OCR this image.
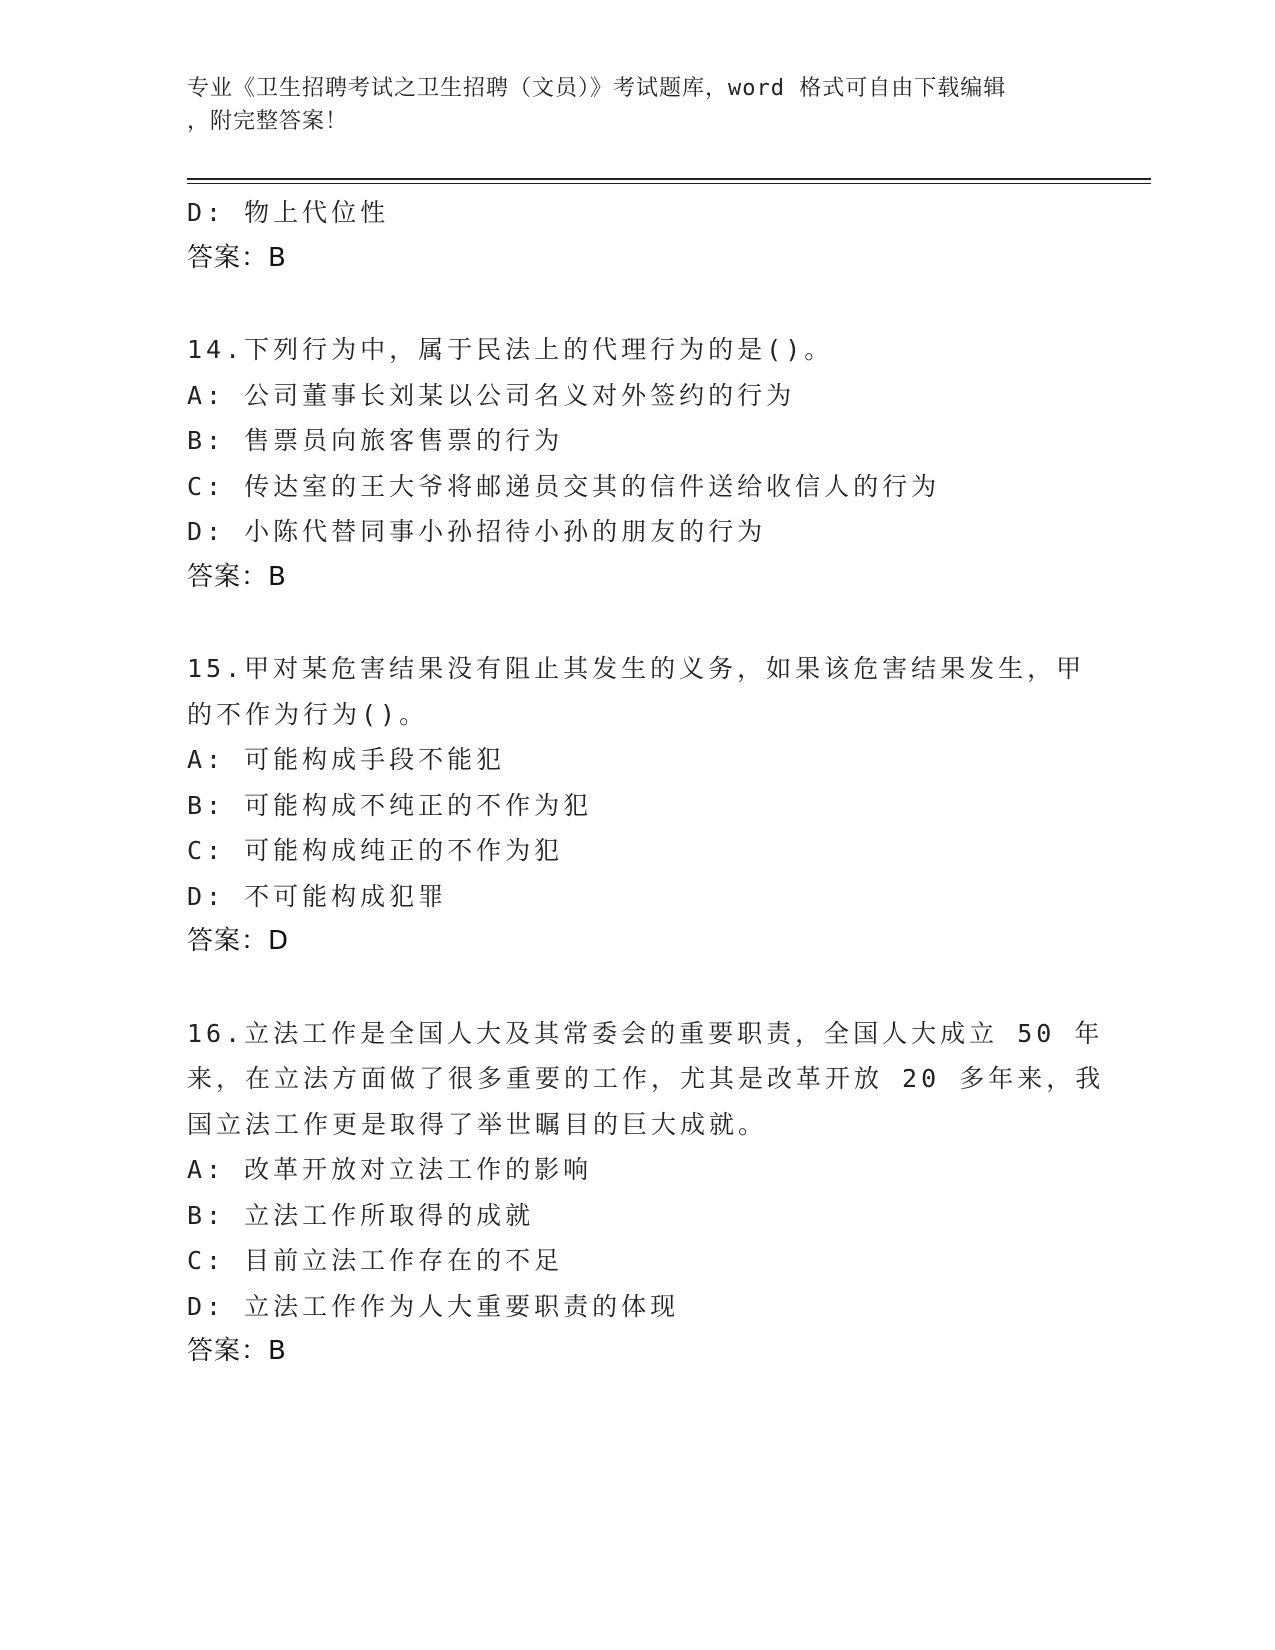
专业《卫生招聘考试之卫生招聘（文员）》考试题库，word 格式可自由下载编辑
，附完整答案！
D: 物上代位性
答案：B
14.下列行为中，属于民法上的代理行为的是()。
A: 公司董事长刘某以公司名义对外签约的行为
B: 售票员向旅客售票的行为
C: 传达室的王大爷将邮递员交其的信件送给收信人的行为
D: 小陈代替同事小孙招待小孙的朋友的行为
答案：B
15.甲对某危害结果没有阻止其发生的义务，如果该危害结果发生，甲
的不作为行为()。
A: 可能构成手段不能犯
B: 可能构成不纯正的不作为犯
C: 可能构成纯正的不作为犯
D: 不可能构成犯罪
答案：D
16.立法工作是全国人大及其常委会的重要职责，全国人大成立 50 年
来，在立法方面做了很多重要的工作，尤其是改革开放 20 多年来，我
国立法工作更是取得了举世瞩目的巨大成就。
A: 改革开放对立法工作的影响
B: 立法工作所取得的成就
C: 目前立法工作存在的不足
D: 立法工作作为人大重要职责的体现
答案：B
